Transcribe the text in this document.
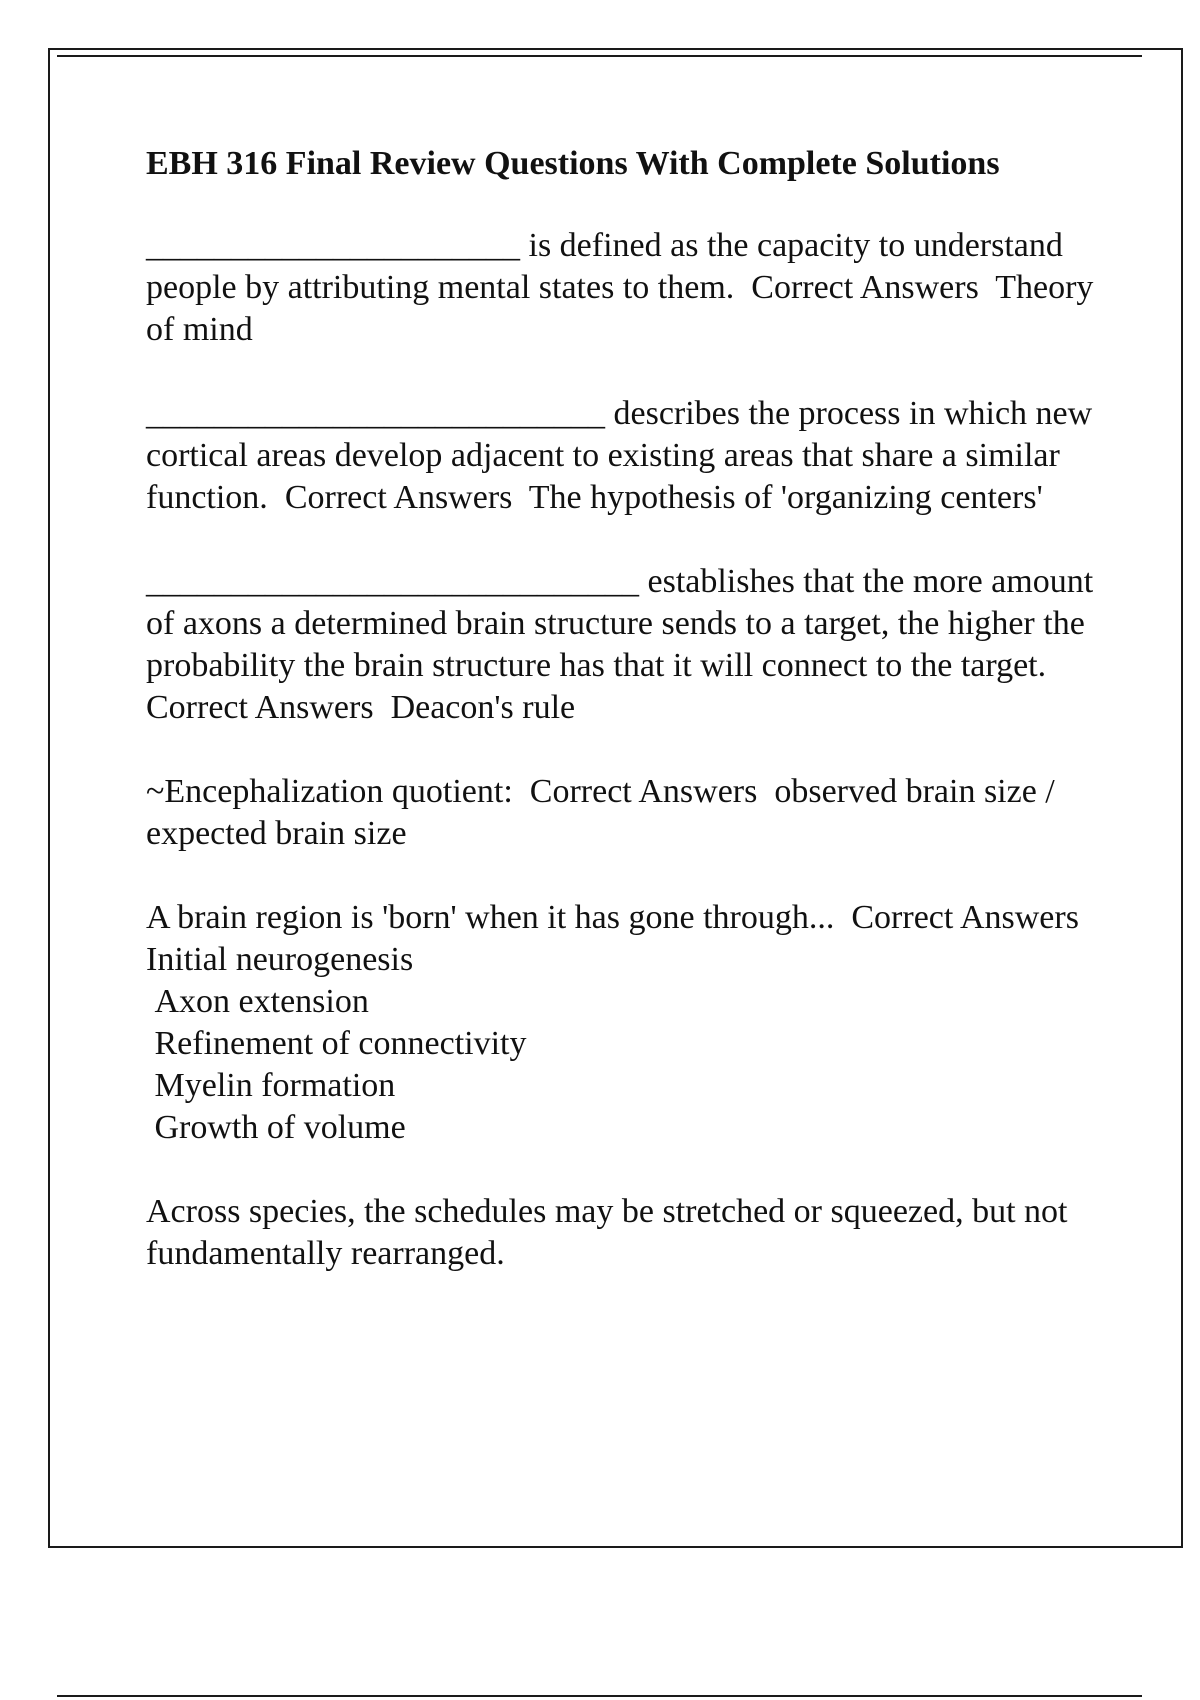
EBH 316 Final Review Questions With Complete Solutions

______________________ is defined as the capacity to understand people by attributing mental states to them.  Correct Answers  Theory of mind

___________________________ describes the process in which new cortical areas develop adjacent to existing areas that share a similar function.  Correct Answers  The hypothesis of 'organizing centers'

_____________________________ establishes that the more amount of axons a determined brain structure sends to a target, the higher the probability the brain structure has that it will connect to the target.  Correct Answers  Deacon's rule

~Encephalization quotient:  Correct Answers  observed brain size / expected brain size

A brain region is 'born' when it has gone through...  Correct Answers  Initial neurogenesis
Axon extension
Refinement of connectivity
Myelin formation
Growth of volume

Across species, the schedules may be stretched or squeezed, but not fundamentally rearranged.
